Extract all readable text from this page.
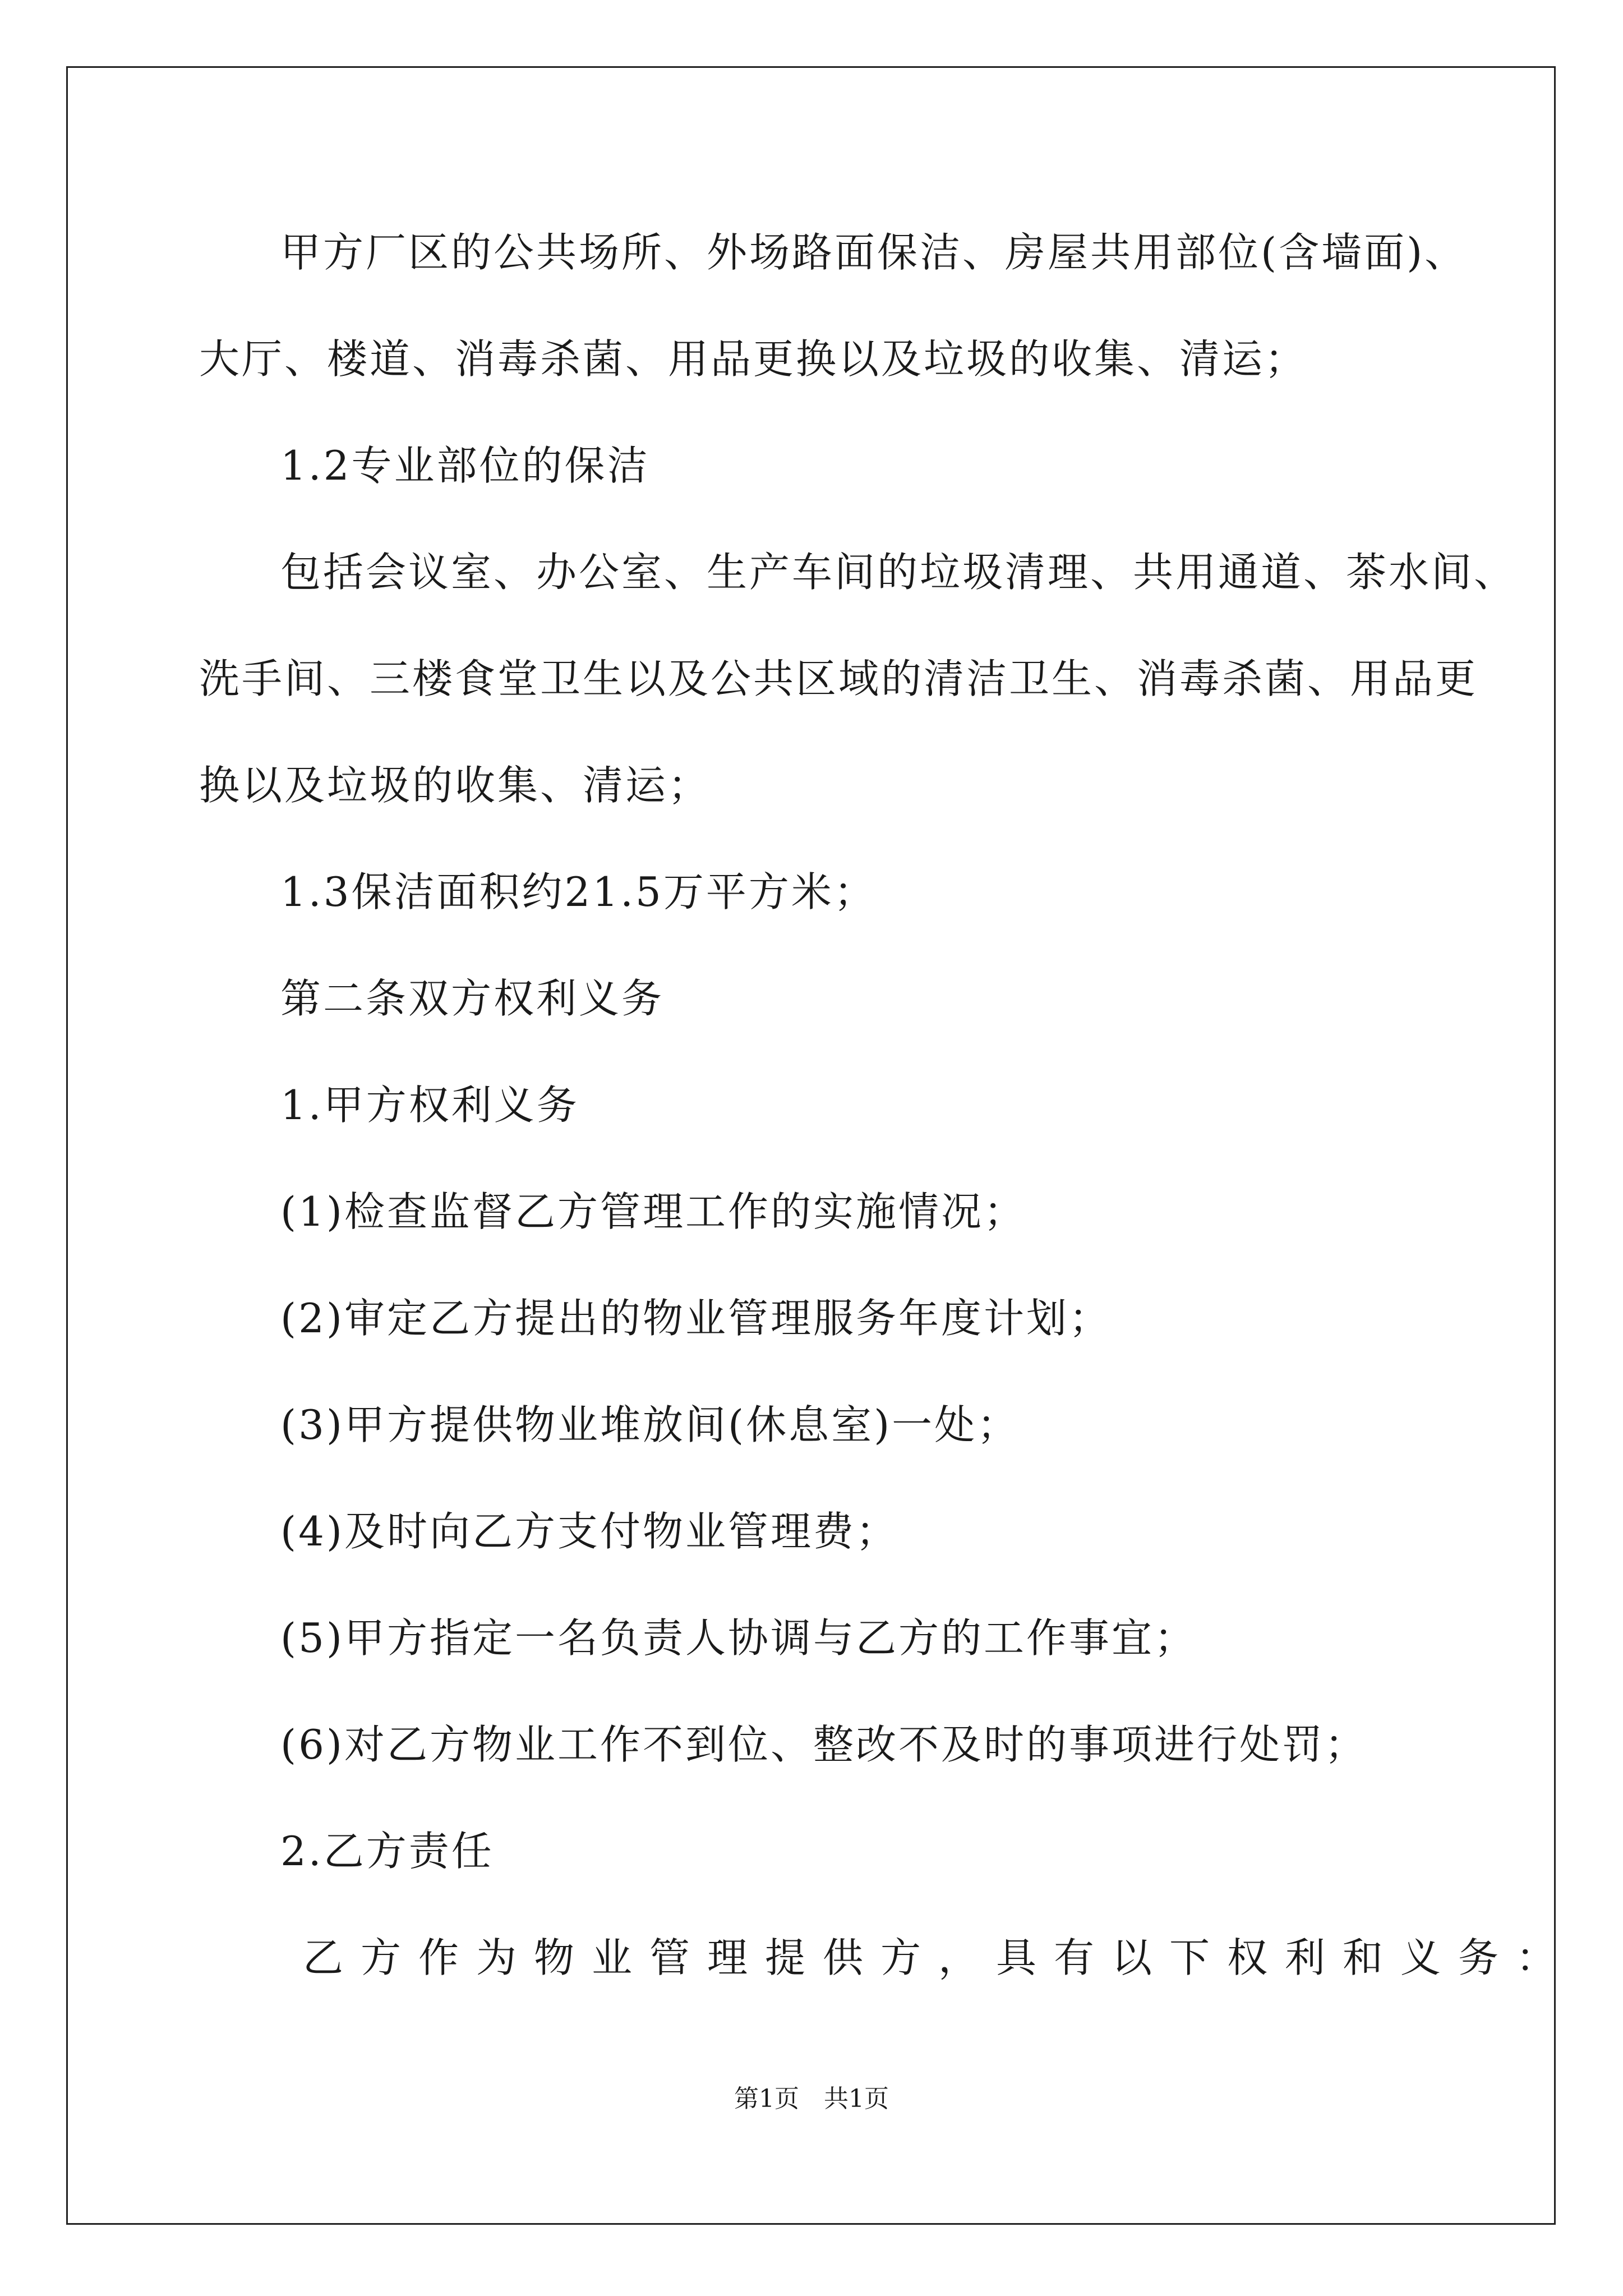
甲方厂区的公共场所、外场路面保洁、房屋共用部位(含墙面)、
大厅、楼道、消毒杀菌、用品更换以及垃圾的收集、清运；
1.2专业部位的保洁
包括会议室、办公室、生产车间的垃圾清理、共用通道、茶水间、
洗手间、三楼食堂卫生以及公共区域的清洁卫生、消毒杀菌、用品更
换以及垃圾的收集、清运；
1.3保洁面积约21.5万平方米；
第二条双方权利义务
1.甲方权利义务
(1)检查监督乙方管理工作的实施情况；
(2)审定乙方提出的物业管理服务年度计划；
(3)甲方提供物业堆放间(休息室)一处；
(4)及时向乙方支付物业管理费；
(5)甲方指定一名负责人协调与乙方的工作事宜；
(6)对乙方物业工作不到位、整改不及时的事项进行处罚；
2.乙方责任
乙方作为物业管理提供方，具有以下权利和义务：
第1页　共1页
